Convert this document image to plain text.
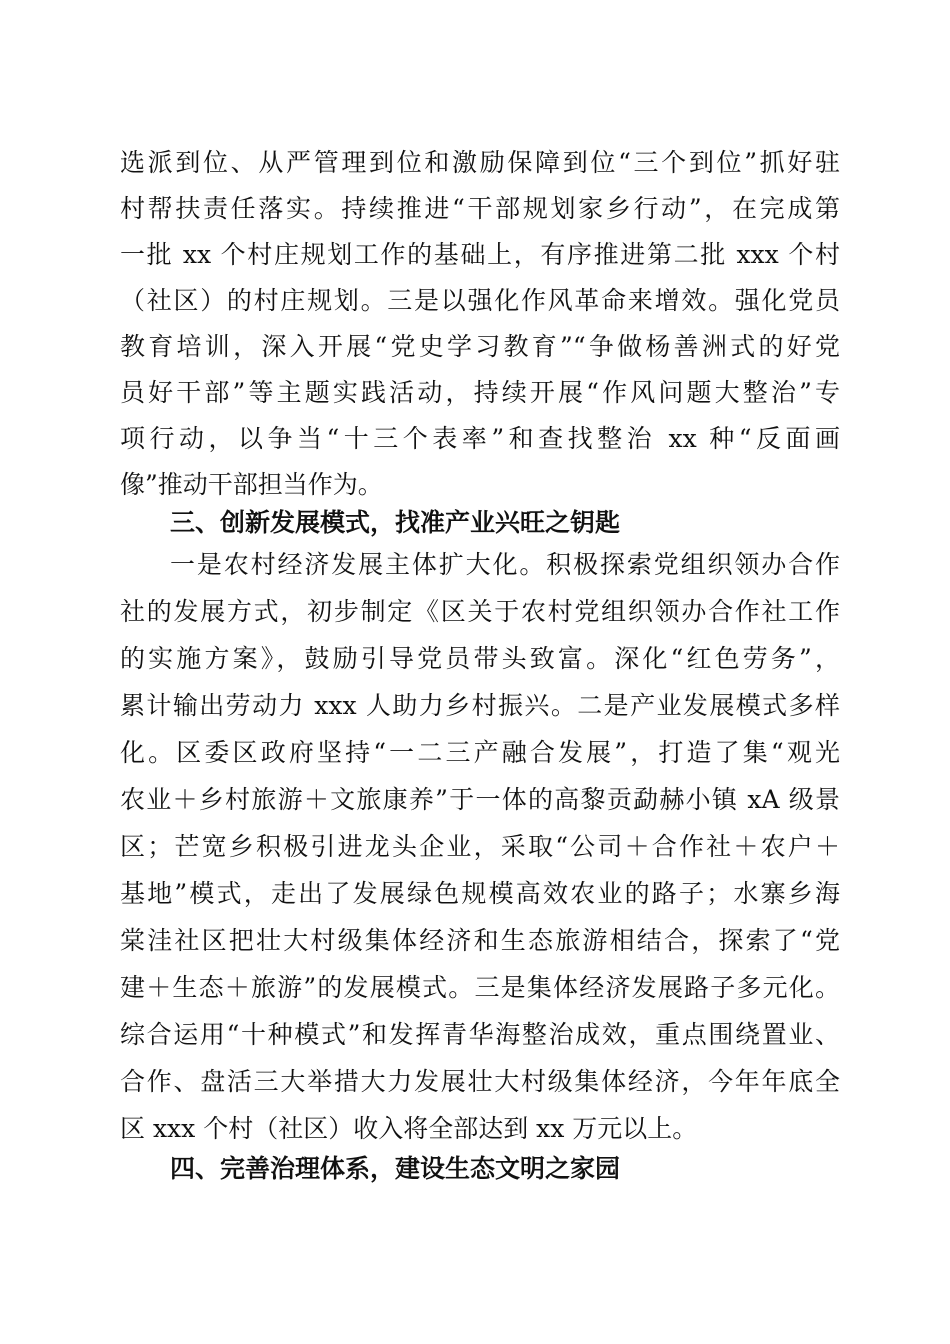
选派到位、从严管理到位和激励保障到位“三个到位”抓好驻
村帮扶责任落实。持续推进“干部规划家乡行动”，在完成第
一批 xx 个村庄规划工作的基础上，有序推进第二批 xxx 个村
（社区）的村庄规划。三是以强化作风革命来增效。强化党员
教育培训，深入开展“党史学习教育”“争做杨善洲式的好党
员好干部”等主题实践活动，持续开展“作风问题大整治”专
项行动，以争当“十三个表率”和查找整治 xx 种“反面画
像”推动干部担当作为。
三、创新发展模式，找准产业兴旺之钥匙
一是农村经济发展主体扩大化。积极探索党组织领办合作
社的发展方式，初步制定《区关于农村党组织领办合作社工作
的实施方案》，鼓励引导党员带头致富。深化“红色劳务”，
累计输出劳动力 xxx 人助力乡村振兴。二是产业发展模式多样
化。区委区政府坚持“一二三产融合发展”，打造了集“观光
农业＋乡村旅游＋文旅康养”于一体的高黎贡勐赫小镇 xA 级景
区；芒宽乡积极引进龙头企业，采取“公司＋合作社＋农户＋
基地”模式，走出了发展绿色规模高效农业的路子；水寨乡海
棠洼社区把壮大村级集体经济和生态旅游相结合，探索了“党
建＋生态＋旅游”的发展模式。三是集体经济发展路子多元化。
综合运用“十种模式”和发挥青华海整治成效，重点围绕置业、
合作、盘活三大举措大力发展壮大村级集体经济，今年年底全
区 xxx 个村（社区）收入将全部达到 xx 万元以上。
四、完善治理体系，建设生态文明之家园
